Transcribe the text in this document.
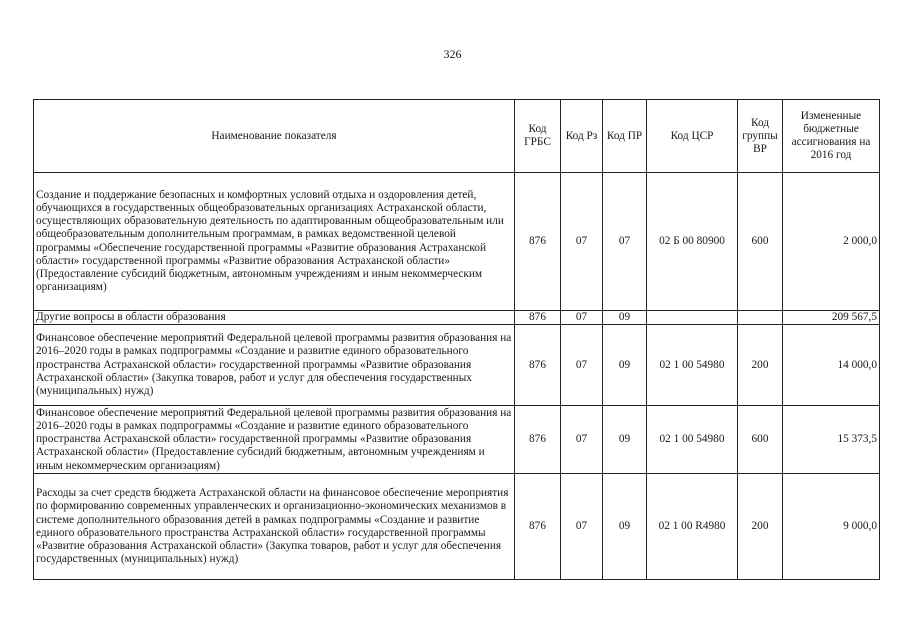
326
Наименование показателя	Код ГРБС	Код Рз	Код ПР	Код ЦСР	Код группы ВР	Измененные бюджетные ассигнования на 2016 год
Создание и поддержание безопасных и комфортных условий отдыха и оздоровления детей, обучающихся в государственных общеобразовательных организациях Астраханской области, осуществляющих образовательную деятельность по адаптированным общеобразовательным или общеобразовательным дополнительным программам, в рамках ведомственной целевой программы «Обеспечение государственной программы «Развитие образования Астраханской области» государственной программы «Развитие образования Астраханской области» (Предоставление субсидий бюджетным, автономным учреждениям и иным некоммерческим организациям)	876	07	07	02 Б 00 80900	600	2 000,0
Другие вопросы в области образования	876	07	09			209 567,5
Финансовое обеспечение мероприятий Федеральной целевой программы развития образования на 2016–2020 годы в рамках подпрограммы «Создание и развитие единого образовательного пространства Астраханской области» государственной программы «Развитие образования Астраханской области» (Закупка товаров, работ и услуг для обеспечения государственных (муниципальных) нужд)	876	07	09	02 1 00 54980	200	14 000,0
Финансовое обеспечение мероприятий Федеральной целевой программы развития образования на 2016–2020 годы в рамках подпрограммы «Создание и развитие единого образовательного пространства Астраханской области» государственной программы «Развитие образования Астраханской области» (Предоставление субсидий бюджетным, автономным учреждениям и иным некоммерческим организациям)	876	07	09	02 1 00 54980	600	15 373,5
Расходы за счет средств бюджета Астраханской области на финансовое обеспечение мероприятия по формированию современных управленческих и организационно-экономических механизмов в системе дополнительного образования детей в рамках подпрограммы «Создание и развитие единого образовательного пространства Астраханской области» государственной программы «Развитие образования Астраханской области» (Закупка товаров, работ и услуг для обеспечения государственных (муниципальных) нужд)	876	07	09	02 1 00 R4980	200	9 000,0
